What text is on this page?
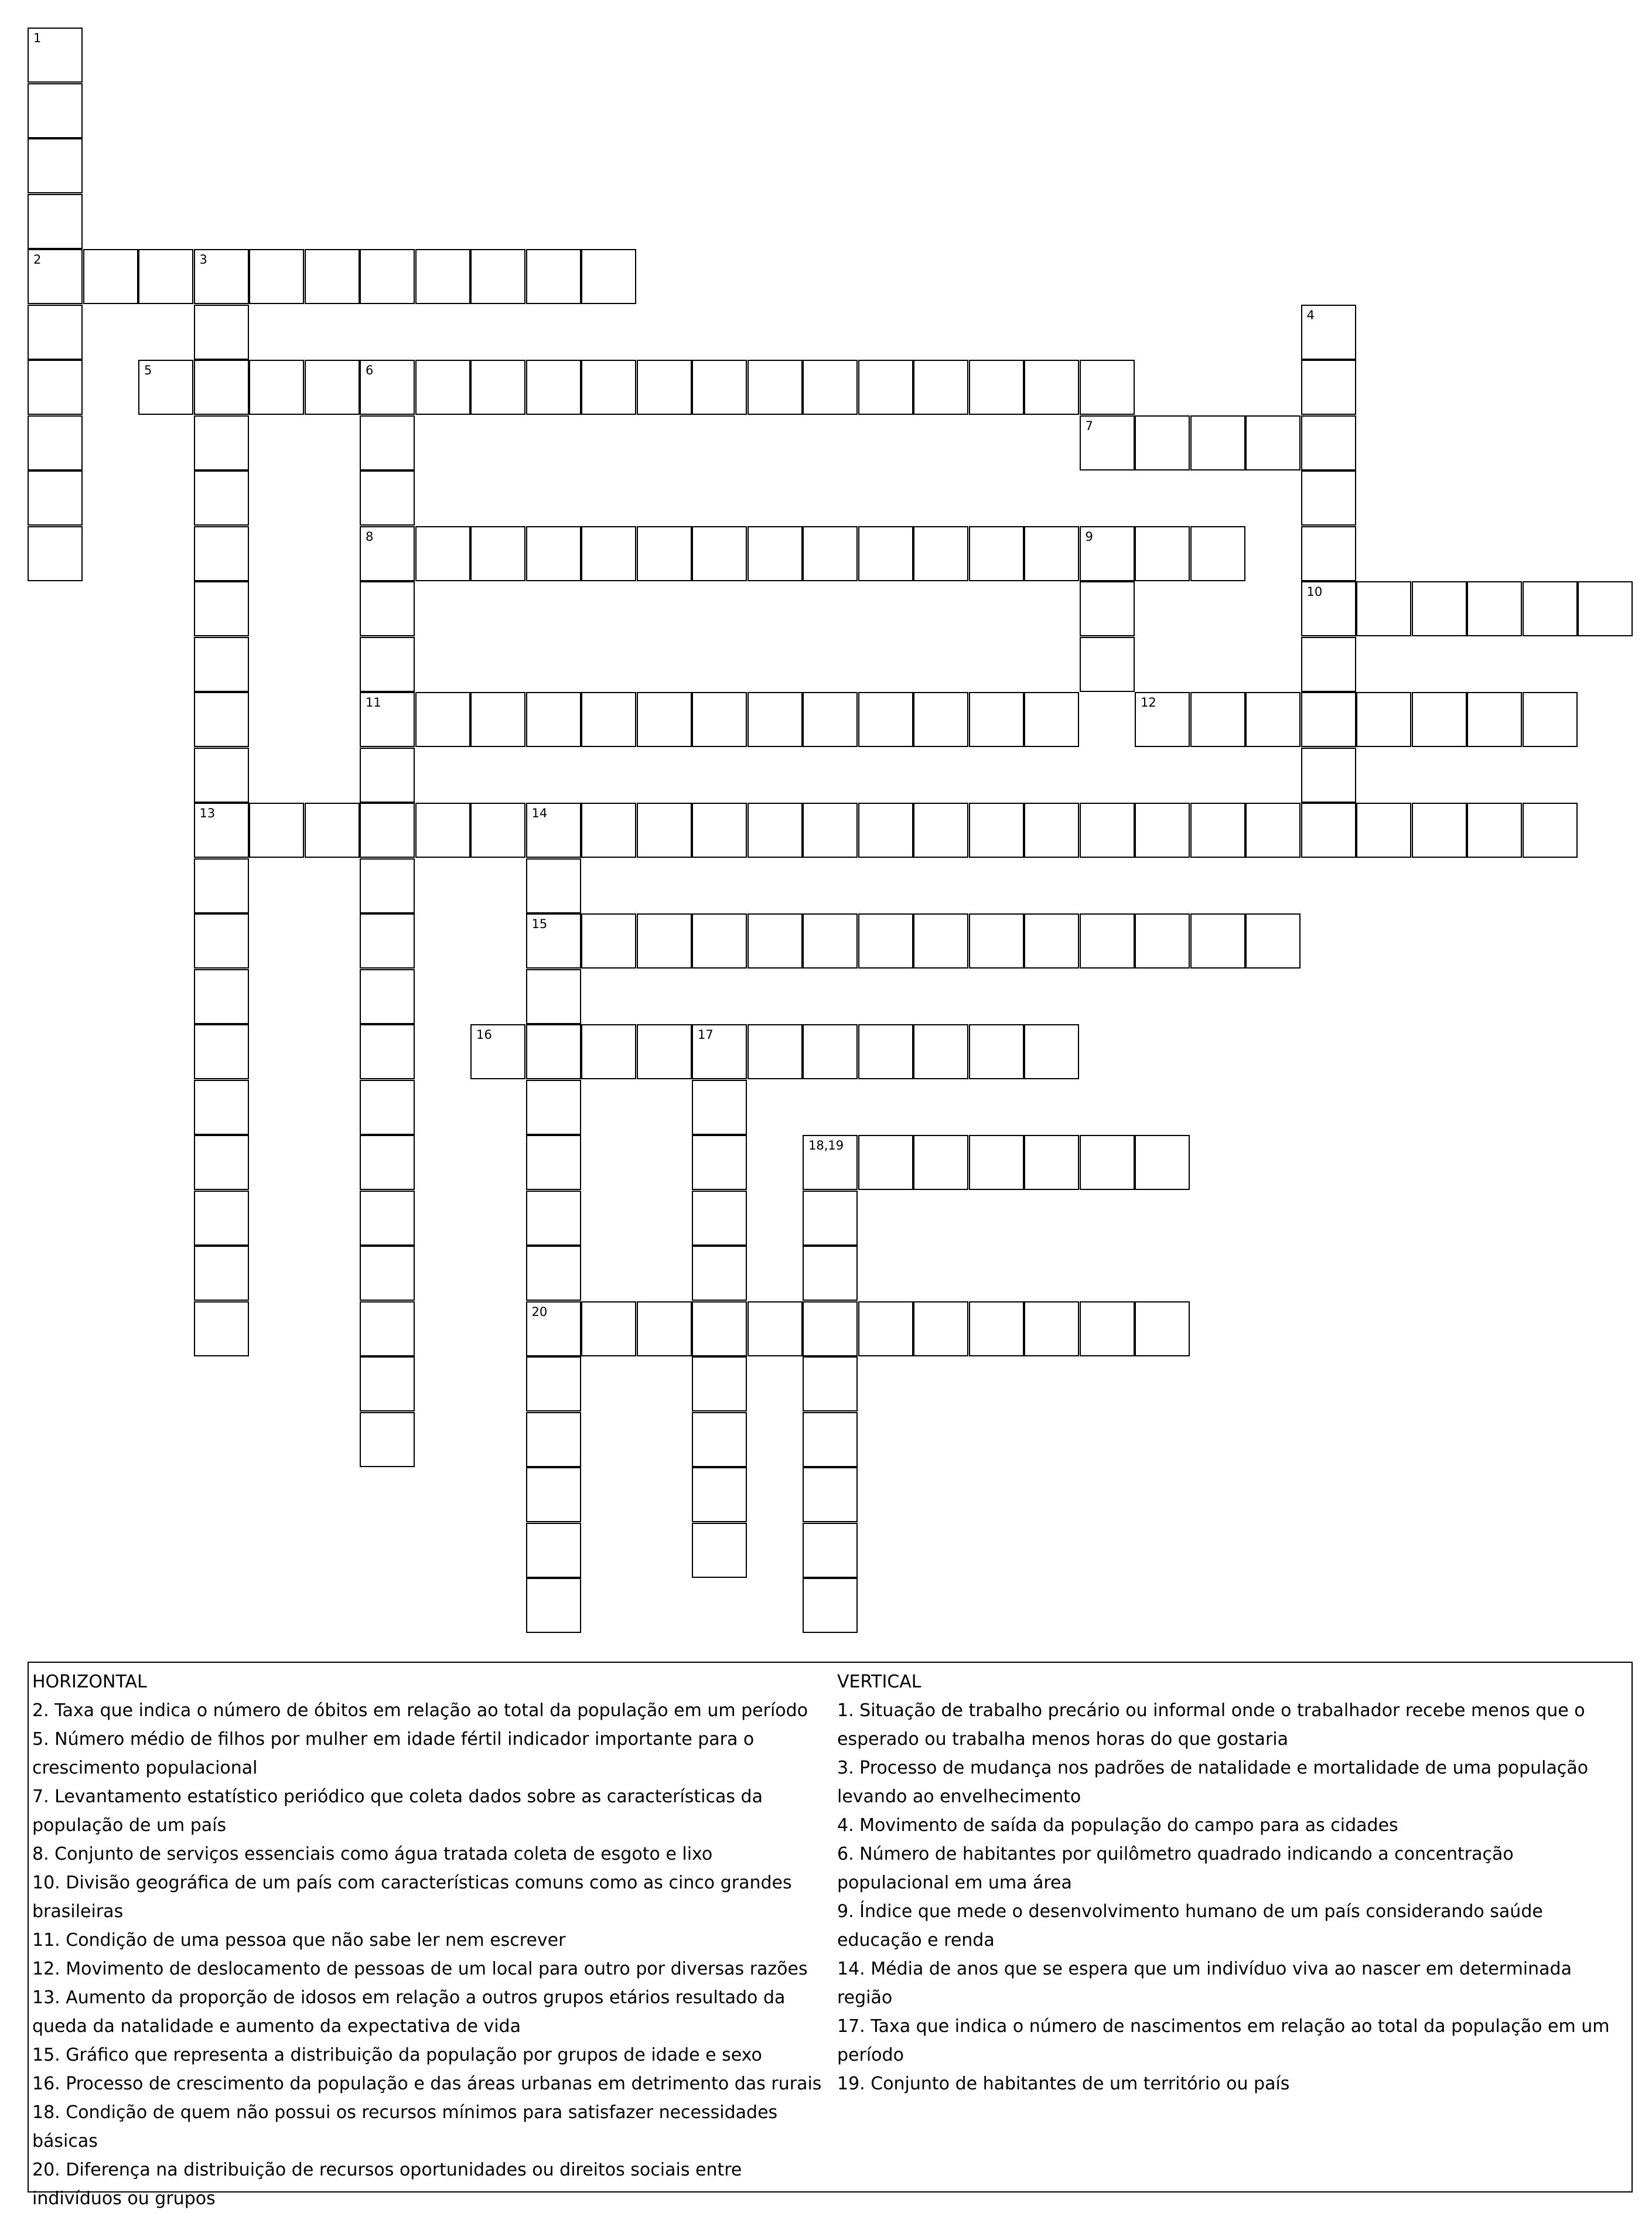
1
2	3
13
4
10
5	6
8
11
7
9
12
14
15
20
16	17
18,19
HORIZONTAL
2. Taxa que indica o número de óbitos em relação ao total da população em um período
5. Número médio de filhos por mulher em idade fértil indicador importante para o crescimento populacional
7. Levantamento estatístico periódico que coleta dados sobre as características da população de um país
8. Conjunto de serviços essenciais como água tratada coleta de esgoto e lixo
10. Divisão geográfica de um país com características comuns como as cinco grandes brasileiras
11. Condição de uma pessoa que não sabe ler nem escrever
12. Movimento de deslocamento de pessoas de um local para outro por diversas razões
13. Aumento da proporção de idosos em relação a outros grupos etários resultado da queda da natalidade e aumento da expectativa de vida
15. Gráfico que representa a distribuição da população por grupos de idade e sexo
16. Processo de crescimento da população e das áreas urbanas em detrimento das rurais
18. Condição de quem não possui os recursos mínimos para satisfazer necessidades básicas
20. Diferença na distribuição de recursos oportunidades ou direitos sociais entre indivíduos ou grupos
VERTICAL
1. Situação de trabalho precário ou informal onde o trabalhador recebe menos que o esperado ou trabalha menos horas do que gostaria
3. Processo de mudança nos padrões de natalidade e mortalidade de uma população levando ao envelhecimento
4. Movimento de saída da população do campo para as cidades
6. Número de habitantes por quilômetro quadrado indicando a concentração populacional em uma área
9. Índice que mede o desenvolvimento humano de um país considerando saúde educação e renda
14. Média de anos que se espera que um indivíduo viva ao nascer em determinada região
17. Taxa que indica o número de nascimentos em relação ao total da população em um período
19. Conjunto de habitantes de um território ou país
